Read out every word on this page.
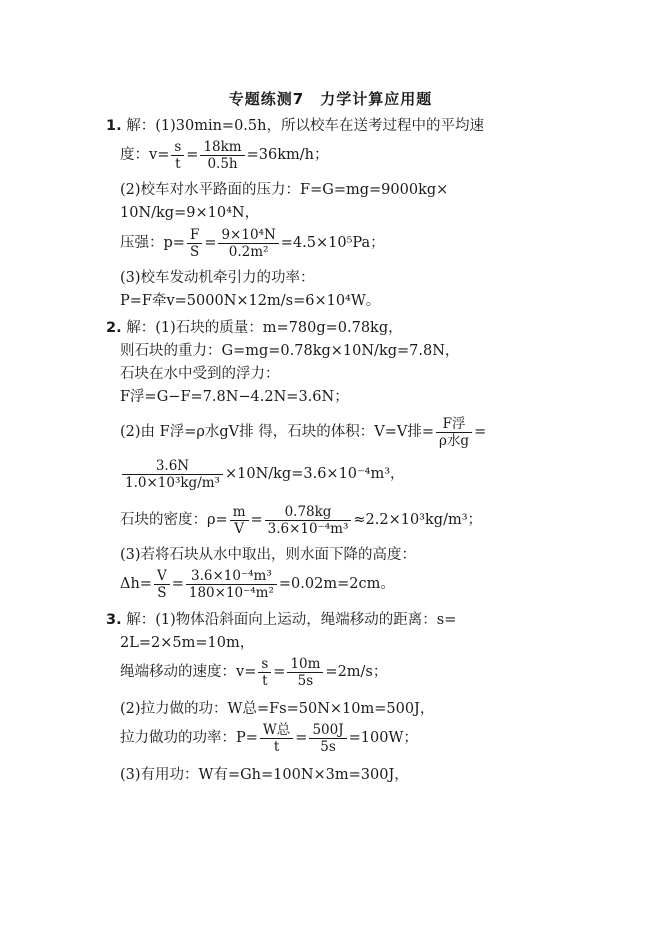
专题练测7　力学计算应用题
1. 解：(1)30min=0.5h，所以校车在送考过程中的平均速
度：$v= \frac{s}{t} = \frac{18km}{0.5h} =36km/h$；
(2)校车对水平路面的压力：F=G=mg=9000kg×
10N/kg=9×10⁴N，
压强：$p= \frac{F}{S} = \frac{\text{9×10⁴N}}{\text{0.2m²}} =4.5\times 10^5Pa$；
(3)校车发动机牵引力的功率：
P=F牵v=5000N×12m/s=6×10⁴W。
2. 解：(1)石块的质量：m=780g=0.78kg，
则石块的重力：G=mg=0.78kg×10N/kg=7.8N，
石块在水中受到的浮力：
F浮=G−F=7.8N−4.2N=3.6N；
(2)由 F浮=ρ水gV排 得，石块的体积：V=V排= $\frac{\text{F浮}}{\text{ρ水g}}$ =
$\frac{3.6N}{\text{1.0×10³kg/m³}} \times 10N/kg=3.6\times 10^{-4}m^3$，
石块的密度：$\rho= \frac{m}{V} = \frac{0.78kg}{\text{3.6×10⁻⁴m³}} \approx 2.2\times 10^3kg/m^3$；
(3)若将石块从水中取出，则水面下降的高度：
$\Delta h= \frac{V}{S} = \frac{\text{3.6×10⁻⁴m³}}{\text{180×10⁻⁴m²}} =0.02m=2cm$。
3. 解：(1)物体沿斜面向上运动，绳端移动的距离：s=
2L=2×5m=10m，
绳端移动的速度：$v= \frac{s}{t} = \frac{10m}{5s} =2m/s$；
(2)拉力做的功：W总=Fs=50N×10m=500J，
拉力做功的功率：$P= \frac{\text{W总}}{t} = \frac{500J}{5s} =100W$；
(3)有用功：W有=Gh=100N×3m=300J，
